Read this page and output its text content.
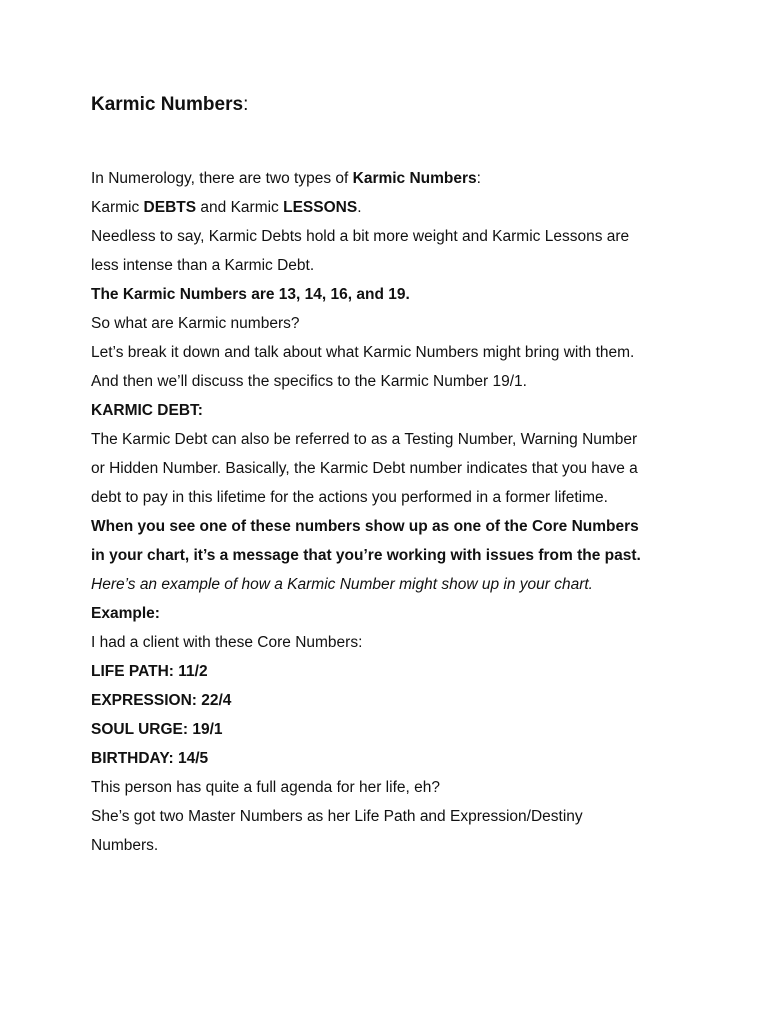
Karmic Numbers:

In Numerology, there are two types of Karmic Numbers:

Karmic DEBTS and Karmic LESSONS.

Needless to say, Karmic Debts hold a bit more weight and Karmic Lessons are

less intense than a Karmic Debt.

The Karmic Numbers are 13, 14, 16, and 19.

So what are Karmic numbers?

Let’s break it down and talk about what Karmic Numbers might bring with them.

And then we’ll discuss the specifics to the Karmic Number 19/1.

KARMIC DEBT:

The Karmic Debt can also be referred to as a Testing Number, Warning Number

or Hidden Number. Basically, the Karmic Debt number indicates that you have a

debt to pay in this lifetime for the actions you performed in a former lifetime.

When you see one of these numbers show up as one of the Core Numbers

in your chart, it’s a message that you’re working with issues from the past.

Here’s an example of how a Karmic Number might show up in your chart.

Example:

I had a client with these Core Numbers:

LIFE PATH: 11/2

EXPRESSION: 22/4

SOUL URGE: 19/1

BIRTHDAY: 14/5

This person has quite a full agenda for her life, eh?

She’s got two Master Numbers as her Life Path and Expression/Destiny

Numbers.
